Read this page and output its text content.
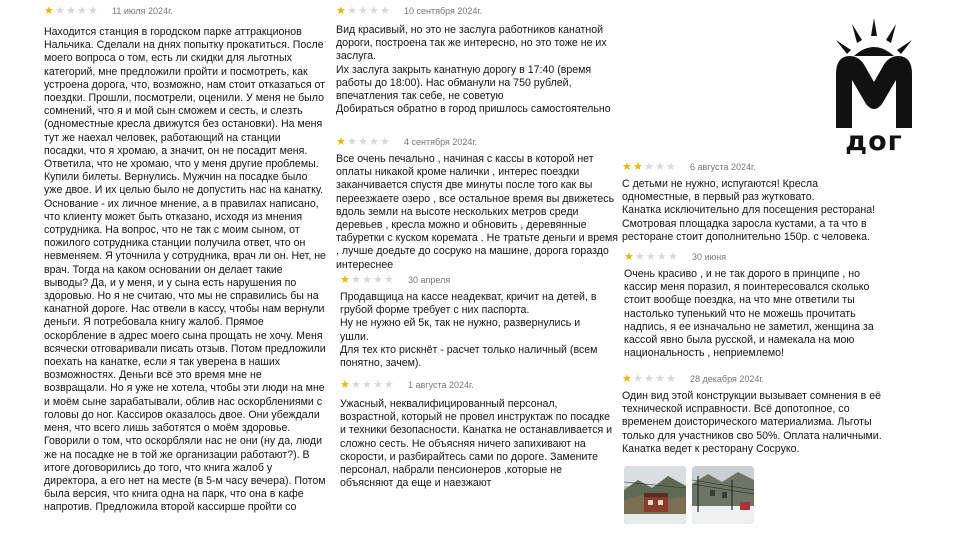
★ ★ ★ ★ ★ 11 июля 2024г.
Находится станция в городском парке аттракционов Нальчика. Сделали на днях попытку прокатиться. После моего вопроса о том, есть ли скидки для льготных категорий, мне предложили пройти и посмотреть, как устроена дорога, что, возможно, нам стоит отказаться от поездки. Прошли, посмотрели, оценили. У меня не было сомнений, что я и мой сын сможем и сесть, и слезть (одноместные кресла движутся без остановки). На меня тут же наехал человек, работающий на станции посадки, что я хромаю, а значит, он не посадит меня. Ответила, что не хромаю, что у меня другие проблемы. Купили билеты. Вернулись. Мужчин на посадке было уже двое. И их целью было не допустить нас на канатку. Основание - их личное мнение, а в правилах написано, что клиенту может быть отказано, исходя из мнения сотрудника. На вопрос, что не так с моим сыном, от пожилого сотрудника станции получила ответ, что он невменяем. Я уточнила у сотрудника, врач ли он. Нет, не врач. Тогда на каком основании он делает такие выводы? Да, и у меня, и у сына есть нарушения по здоровью. Но я не считаю, что мы не справились бы на канатной дороге. Нас отвели в кассу, чтобы нам вернули деньги. Я потребовала книгу жалоб. Прямое оскорбление в адрес моего сына прощать не хочу. Меня всячески отговаривали писать отзыв. Потом предложили поехать на канатке, если я так уверена в наших возможностях. Деньги всё это время мне не возвращали. Но я уже не хотела, чтобы эти люди на мне и моём сыне зарабатывали, облив нас оскорблениями с головы до ног. Кассиров оказалось двое. Они убеждали меня, что всего лишь заботятся о моём здоровье. Говорили о том, что оскорбляли нас не они (ну да, люди же на посадке не в той же организации работают?). В итоге договорились до того, что книга жалоб у директора, а его нет на месте (в 5-м часу вечера). Потом была версия, что книга одна на парк, что она в кафе напротив. Предложила второй кассирше пройти со
★ ★ ★ ★ ★ 10 сентября 2024г.
Вид красивый, но это не заслуга работников канатной дороги, построена так же интересно, но это тоже не их заслуга.
Их заслуга закрыть канатную дорогу в 17:40 (время работы до 18:00). Нас обманули на 750 рублей, впечатления так себе, не советую
Добираться обратно в город пришлось самостоятельно
★ ★ ★ ★ ★ 4 сентября 2024г.
Все очень печально , начиная с кассы в которой нет оплаты никакой кроме налички , интерес поездки заканчивается спустя две минуты после того как вы переезжаете озеро , все остальное время вы движетесь вдоль земли на высоте нескольких метров среди деревьев , кресла можно и обновить , деревянные табуретки с куском коремата . Не тратьте деньги и время , лучше доедьте до сосруко на машине, дорога гораздо интереснее
★ ★ ★ ★ ★ 30 апреля
Продавщица на кассе неадекват, кричит на детей, в грубой форме требует с них паспорта.
Ну не нужно ей 5к, так не нужно, развернулись и ушли.
Для тех кто рискнёт - расчет только наличный (всем понятно, зачем).
★ ★ ★ ★ ★ 1 августа 2024г.
Ужасный, неквалифицированный персонал, возрастной, который не провел инструктаж по посадке и техники безопасности. Канатка не останавливается и сложно сесть. Не объясняя ничего запихивают на скорости, и разбирайтесь сами по дороге. Замените персонал, набрали пенсионеров ,которые не объясняют да еще и наезжают
★ ★ ★ ★ ★ 6 августа 2024г.
С детьми не нужно, испугаются! Кресла одноместные, в первый раз жутковато.
Канатка исключительно для посещения ресторана! Смотровая площадка заросла кустами, а та что в ресторане стоит дополнительно 150р. с человека.
★ ★ ★ ★ ★ 30 июня
Очень красиво , и не так дорого в принципе , но кассир меня поразил, я поинтересовался сколько стоит вообще поездка, на что мне ответили ты настолько тупенький что не можешь прочитать надпись, я ее изначально не заметил, женщина за кассой явно была русской, и намекала на мою национальность , неприемлемо!
★ ★ ★ ★ ★ 28 декабря 2024г.
Один вид этой конструкции вызывает сомнения в её технической исправности. Всё допотопное, со временем доисторического материализма. Льготы только для участников сво 50%. Оплата наличными. Канатка ведет к ресторану Сосруко.
дог
